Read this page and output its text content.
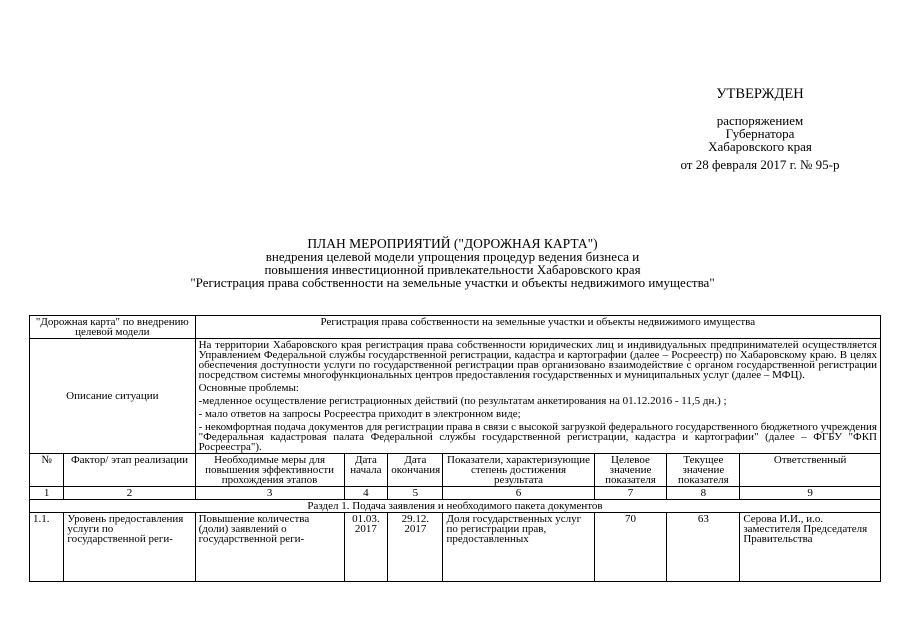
УТВЕРЖДЕН
распоряжением
Губернатора
Хабаровского края
от 28 февраля 2017 г. № 95-р
ПЛАН МЕРОПРИЯТИЙ ("ДОРОЖНАЯ КАРТА")
внедрения целевой модели упрощения процедур ведения бизнеса и
повышения инвестиционной привлекательности Хабаровского края
"Регистрация права собственности на земельные участки и объекты недвижимого имущества"
"Дорожная карта" по внедрению целевой модели		Регистрация права собственности на земельные участки и объекты недвижимого имущества						
Описание ситуации		На территории Хабаровского края регистрация права собственности юридических лиц и индивидуальных предпринимателей осуществляется Управлением Федеральной службы государственной регистрации, кадастра и картографии (далее – Росреестр) по Хабаровскому краю. В целях обеспечения доступности услуги по государственной регистрации прав организовано взаимодействие с органом государственной регистрации посредством системы многофункциональных центров предоставления государственных и муниципальных услуг (далее – МФЦ).

Основные проблемы:

-медленное осуществление регистрационных действий (по результатам анкетирования на 01.12.2016 - 11,5 дн.) ;

- мало ответов на запросы Росреестра приходит в электронном виде;

- некомфортная подача документов для регистрации права в связи с высокой загрузкой федерального государственного бюджетного учреждения "Федеральная кадастровая палата Федеральной службы государственной регистрации, кадастра и картографии" (далее – ФГБУ "ФКП Росреестра").						

№	Фактор/ этап реализации	Необходимые меры для повышения эффективности прохождения этапов	Дата начала	Дата окончания	Показатели, характеризующие степень достижения результата	Целевое значение показателя	Текущее значение показателя	Ответственный
1	2	3	4	5	6	7	8	9
Раздел 1. Подача заявления и необходимого пакета документов								
1.1.	Уровень предоставления услуги по государственной реги-	Повышение количества (доли) заявлений о государственной реги-	01.03. 2017	29.12. 2017	Доля государственных услуг по регистрации прав, предоставленных	70	63	Серова И.И., и.о. заместителя Председателя Правительства
